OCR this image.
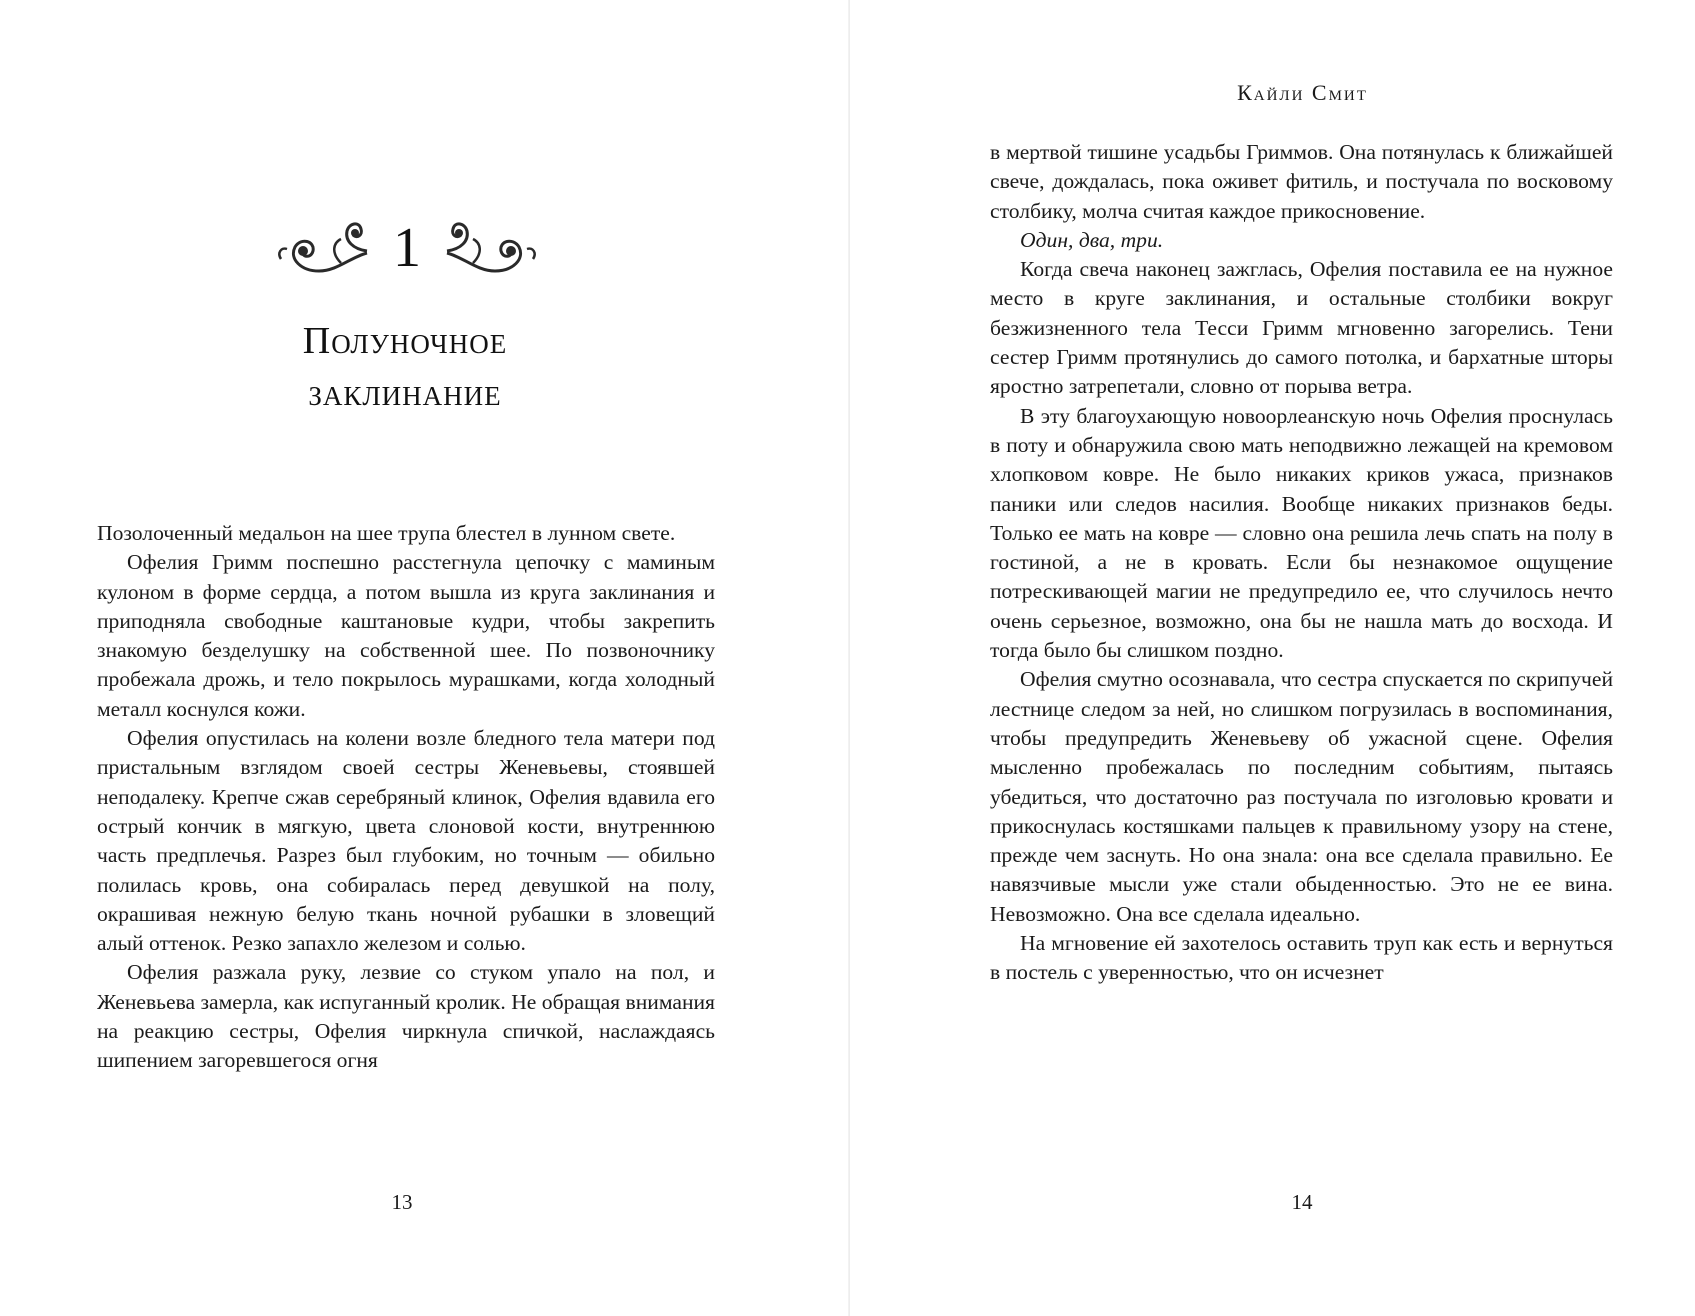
1
Полуночное
заклинание

Позолоченный медальон на шее трупа блестел в лунном свете.

Офелия Гримм поспешно расстегнула цепочку с маминым кулоном в форме сердца, а потом вышла из круга заклинания и приподняла свободные каштановые кудри, чтобы закрепить знакомую безделушку на собственной шее. По позвоночнику пробежала дрожь, и тело покрылось мурашками, когда холодный металл коснулся кожи.

Офелия опустилась на колени возле бледного тела матери под пристальным взглядом своей сестры Женевьевы, стоявшей неподалеку. Крепче сжав серебряный клинок, Офелия вдавила его острый кончик в мягкую, цвета слоновой кости, внутреннюю часть предплечья. Разрез был глубоким, но точным — обильно полилась кровь, она собиралась перед девушкой на полу, окрашивая нежную белую ткань ночной рубашки в зловещий алый оттенок. Резко запахло железом и солью.

Офелия разжала руку, лезвие со стуком упало на пол, и Женевьева замерла, как испуганный кролик. Не обращая внимания на реакцию сестры, Офелия чиркнула спичкой, наслаждаясь шипением загоревшегося огня

13
Кайли Смит

в мертвой тишине усадьбы Гриммов. Она потянулась к ближайшей свече, дождалась, пока оживет фитиль, и постучала по восковому столбику, молча считая каждое прикосновение.

Один, два, три.

Когда свеча наконец зажглась, Офелия поставила ее на нужное место в круге заклинания, и остальные столбики вокруг безжизненного тела Тесси Гримм мгновенно загорелись. Тени сестер Гримм протянулись до самого потолка, и бархатные шторы яростно затрепетали, словно от порыва ветра.

В эту благоухающую новоорлеанскую ночь Офелия проснулась в поту и обнаружила свою мать неподвижно лежащей на кремовом хлопковом ковре. Не было никаких криков ужаса, признаков паники или следов насилия. Вообще никаких признаков беды. Только ее мать на ковре — словно она решила лечь спать на полу в гостиной, а не в кровать. Если бы незнакомое ощущение потрескивающей магии не предупредило ее, что случилось нечто очень серьезное, возможно, она бы не нашла мать до восхода. И тогда было бы слишком поздно.

Офелия смутно осознавала, что сестра спускается по скрипучей лестнице следом за ней, но слишком погрузилась в воспоминания, чтобы предупредить Женевьеву об ужасной сцене. Офелия мысленно пробежалась по последним событиям, пытаясь убедиться, что достаточно раз постучала по изголовью кровати и прикоснулась костяшками пальцев к правильному узору на стене, прежде чем заснуть. Но она знала: она все сделала правильно. Ее навязчивые мысли уже стали обыденностью. Это не ее вина. Невозможно. Она все сделала идеально.

На мгновение ей захотелось оставить труп как есть и вернуться в постель с уверенностью, что он исчезнет

14
